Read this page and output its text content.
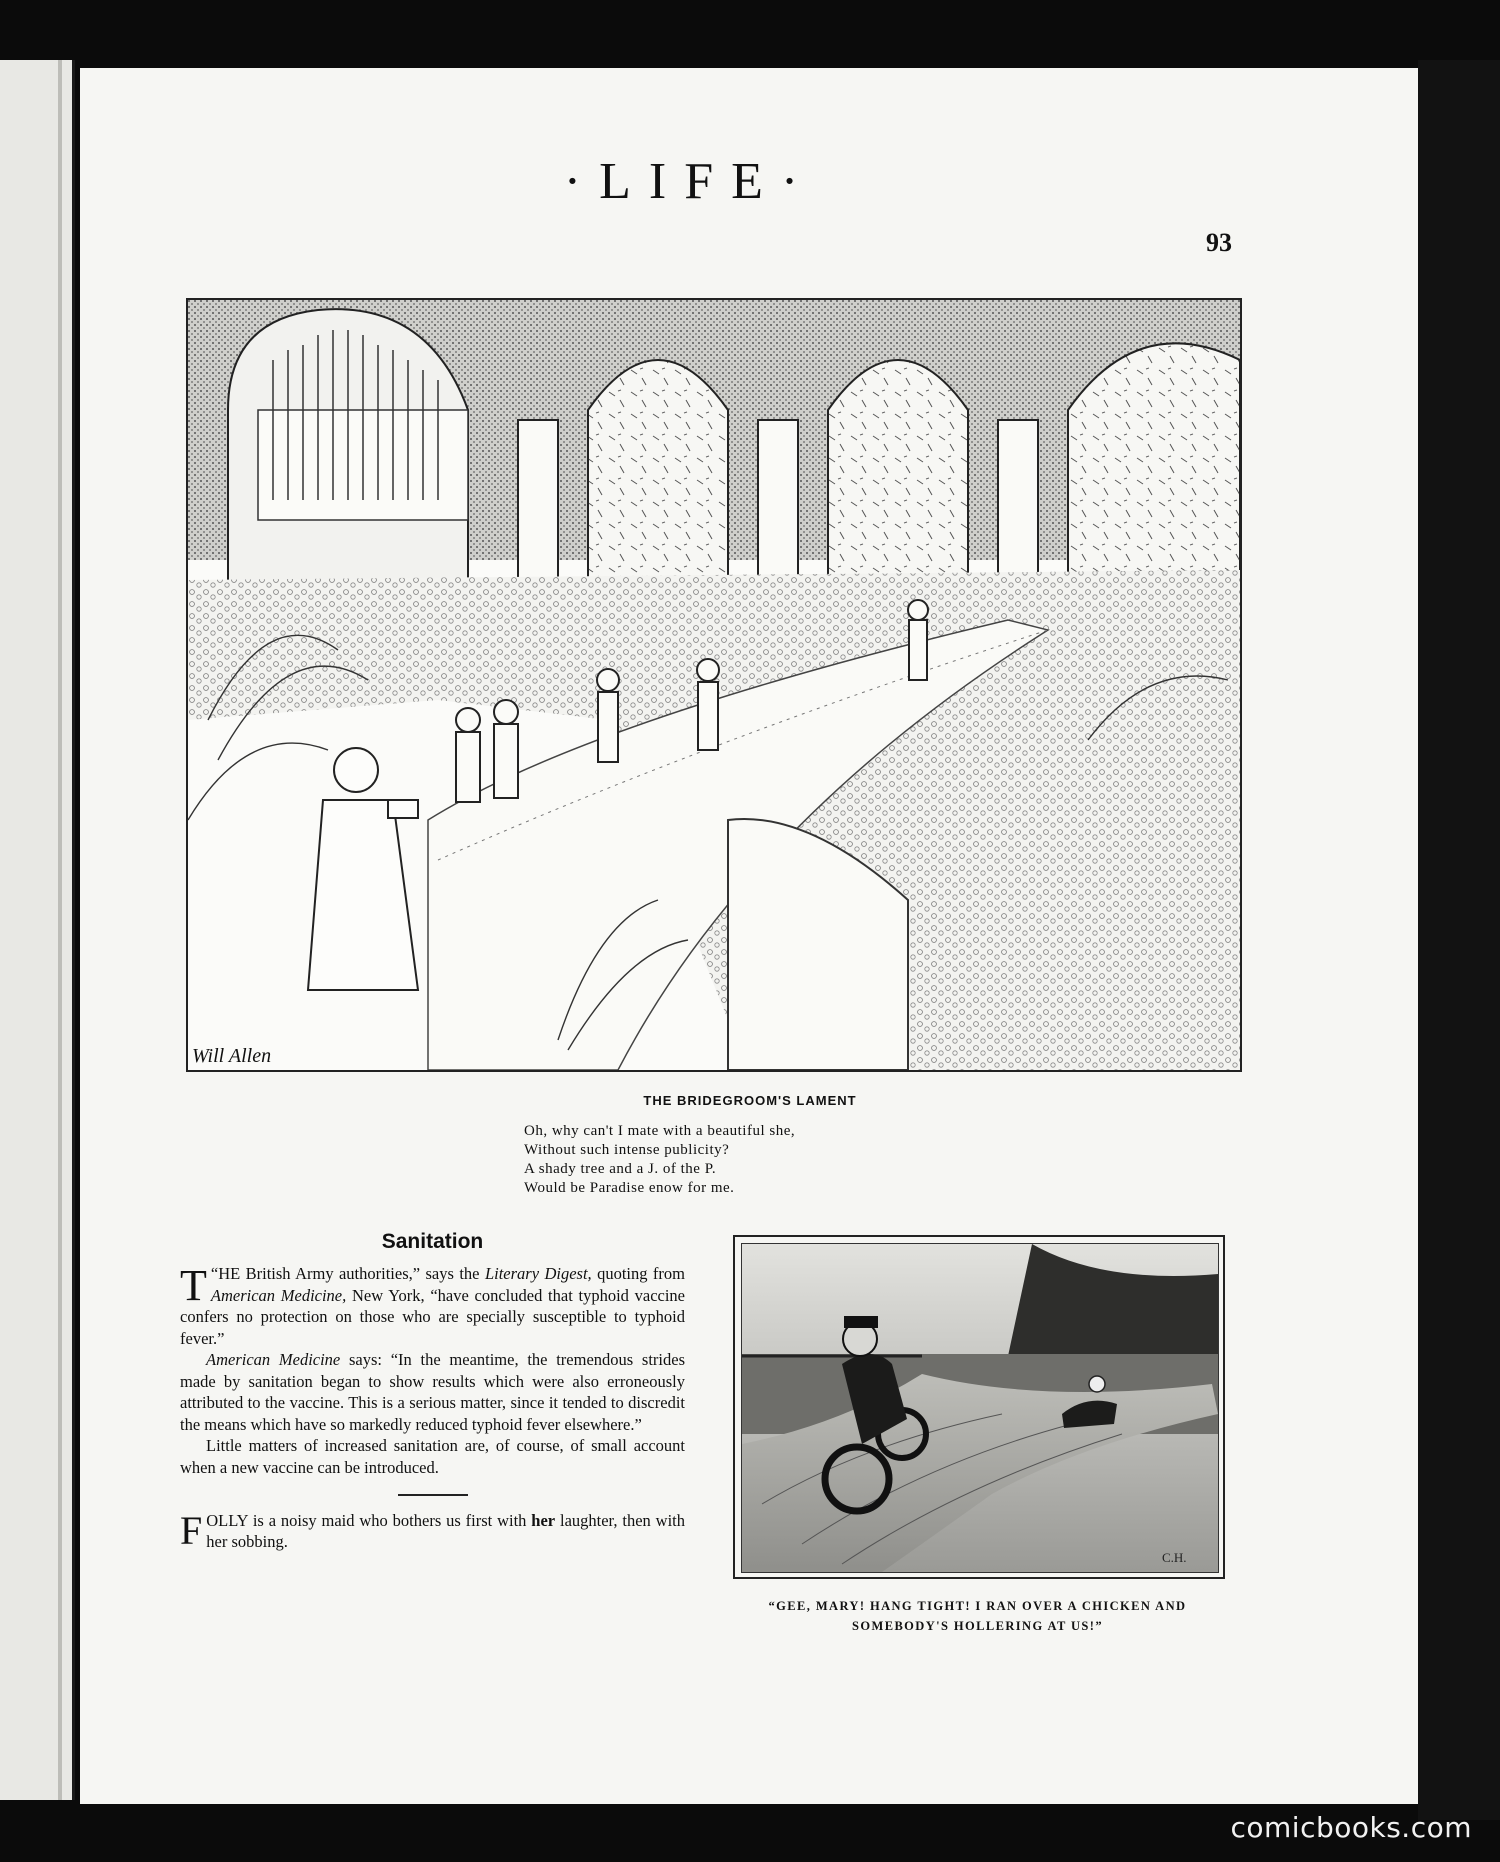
·LIFE·
93
Will Allen
THE BRIDEGROOM'S LAMENT
Oh, why can't I mate with a beautiful she,
Without such intense publicity?
A shady tree and a J. of the P.
Would be Paradise enow for me.
Sanitation

“
T HE British Army authorities,” says the Literary Digest, quoting from American Medicine, New York, “have concluded that typhoid vaccine confers no protection on those who are specially susceptible to typhoid fever.”

American Medicine says: “In the meantime, the tremendous strides made by sanitation began to show results which were also erroneously attributed to the vaccine. This is a serious matter, since it tended to discredit the means which have so markedly reduced typhoid fever elsewhere.”

Little matters of increased sanitation are, of course, of small account when a new vaccine can be introduced.

FOLLY is a noisy maid who bothers us first with her laughter, then with her sobbing.

C.H.
“GEE, MARY! HANG TIGHT! I RAN OVER A CHICKEN AND
SOMEBODY'S HOLLERING AT US!”
comicbooks.com
